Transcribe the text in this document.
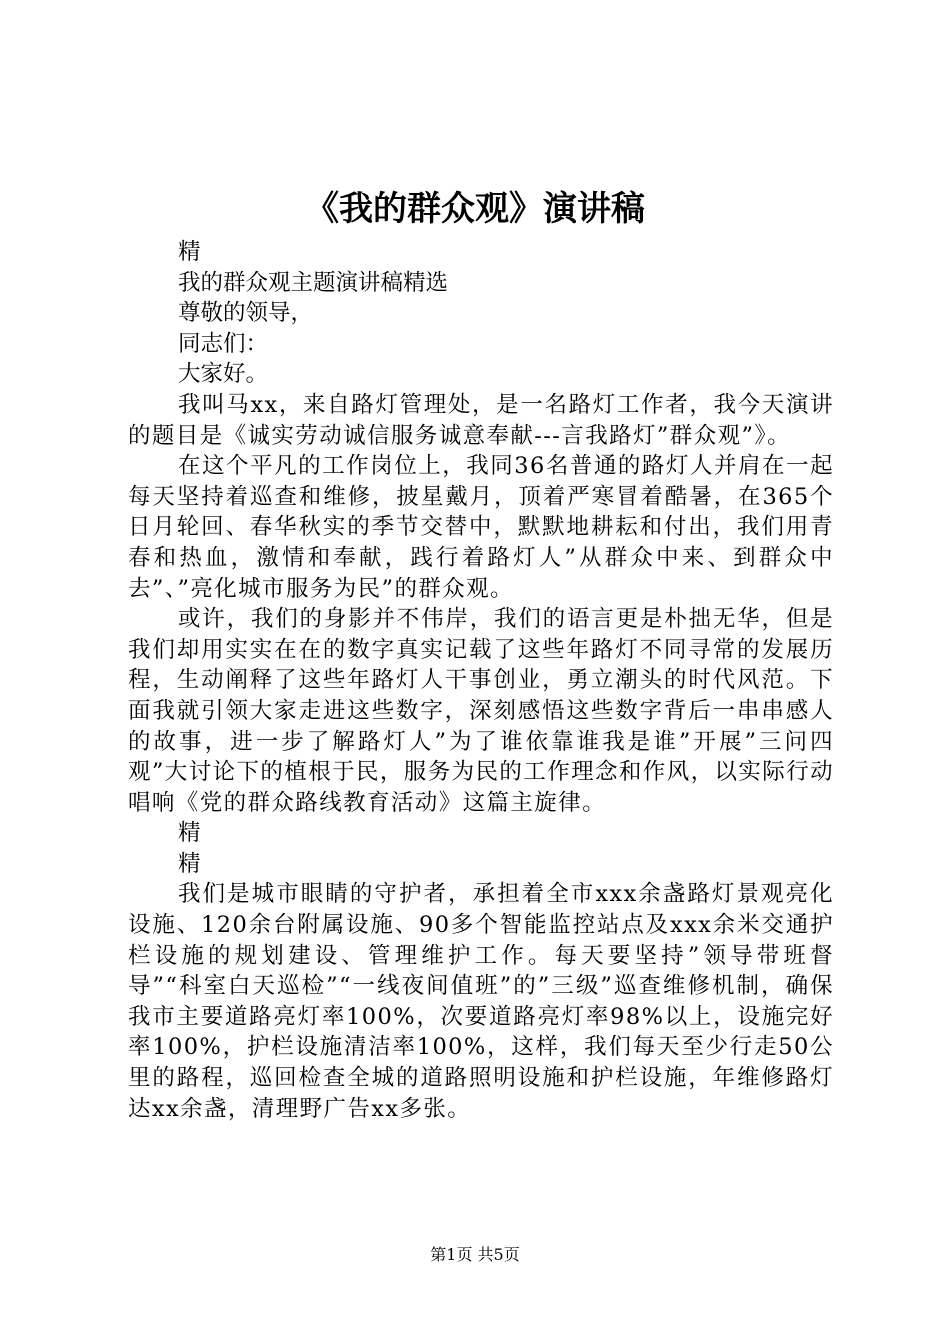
《我的群众观》演讲稿
精
我的群众观主题演讲稿精选
尊敬的领导，
同志们：
大家好。

我叫马xx，来自路灯管理处，是一名路灯工作者，我今天演讲的题目是《诚实劳动诚信服务诚意奉献---言我路灯”群众观”》。

在这个平凡的工作岗位上，我同36名普通的路灯人并肩在一起每天坚持着巡查和维修，披星戴月，顶着严寒冒着酷暑，在365个日月轮回、春华秋实的季节交替中，默默地耕耘和付出，我们用青春和热血，激情和奉献，践行着路灯人”从群众中来、到群众中去”、”亮化城市服务为民”的群众观。

或许，我们的身影并不伟岸，我们的语言更是朴拙无华，但是我们却用实实在在的数字真实记载了这些年路灯不同寻常的发展历程，生动阐释了这些年路灯人干事创业，勇立潮头的时代风范。下面我就引领大家走进这些数字，深刻感悟这些数字背后一串串感人的故事，进一步了解路灯人”为了谁依靠谁我是谁”开展”三问四观”大讨论下的植根于民，服务为民的工作理念和作风，以实际行动唱响《党的群众路线教育活动》这篇主旋律。

精
精

我们是城市眼睛的守护者，承担着全市xxx余盏路灯景观亮化设施、120余台附属设施、90多个智能监控站点及xxx余米交通护栏设施的规划建设、管理维护工作。每天要坚持”领导带班督导”“科室白天巡检”“一线夜间值班”的”三级”巡查维修机制，确保我市主要道路亮灯率100%，次要道路亮灯率98%以上，设施完好率100%，护栏设施清洁率100%，这样，我们每天至少行走50公里的路程，巡回检查全城的道路照明设施和护栏设施，年维修路灯达xx余盏，清理野广告xx多张。

第1页 共5页
